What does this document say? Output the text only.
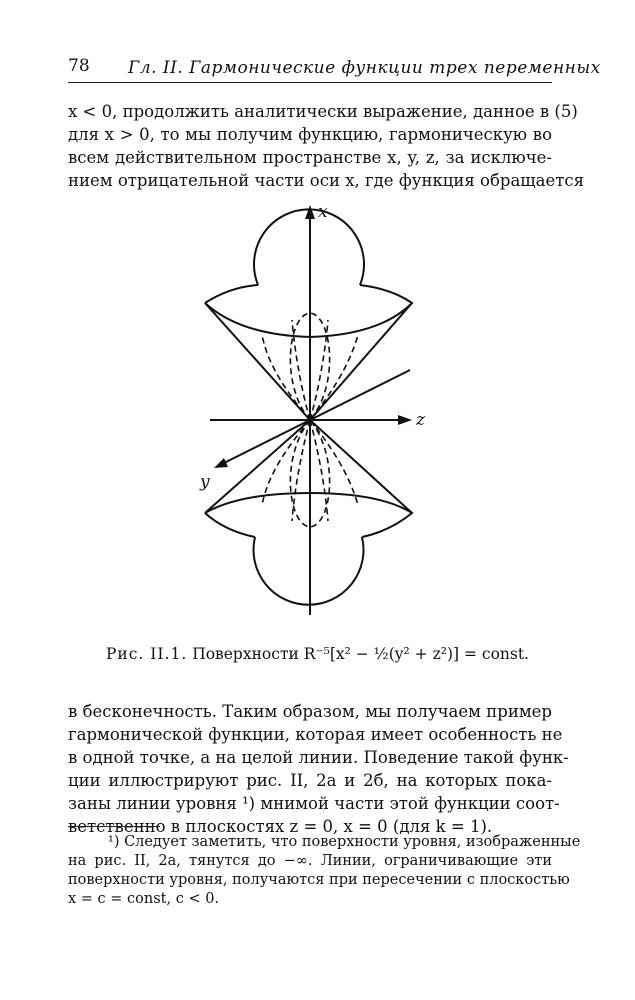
78 Гл. II. Гармонические функции трех переменных
x < 0, продолжить аналитически выражение, данное в (5)
для x > 0, то мы получим функцию, гармоническую во
всем действительном пространстве x, y, z, за исключе-
нием отрицательной части оси x, где функция обращается
x
z
y
Рис. II.1. Поверхности R⁻⁵[x² − ½(y² + z²)] = const.
в бесконечность. Таким образом, мы получаем пример
гармонической функции, которая имеет особенность не
в одной точке, а на целой линии. Поведение такой функ-
ции иллюстрируют рис. II, 2а и 2б, на которых пока-
заны линии уровня ¹) мнимой части этой функции соот-
ветственно в плоскостях z = 0, x = 0 (для k = 1).
¹) Следует заметить, что поверхности уровня, изображенные
на рис. II, 2а, тянутся до −∞. Линии, ограничивающие эти
поверхности уровня, получаются при пересечении с плоскостью
x = c = const, c < 0.
